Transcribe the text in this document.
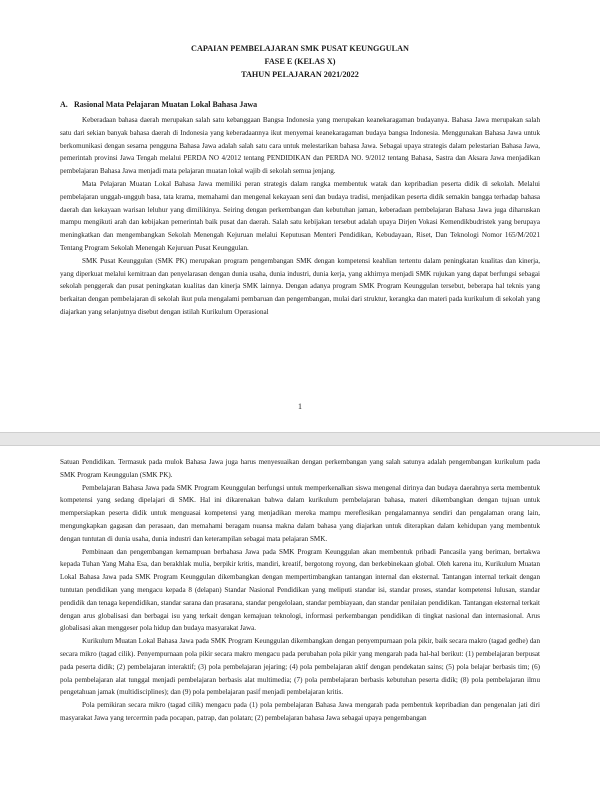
CAPAIAN PEMBELAJARAN SMK PUSAT KEUNGGULAN
FASE E (KELAS X)
TAHUN PELAJARAN 2021/2022
A. Rasional Mata Pelajaran Muatan Lokal Bahasa Jawa

Keberadaan bahasa daerah merupakan salah satu kebanggaan Bangsa Indonesia yang merupakan keanekaragaman budayanya. Bahasa Jawa merupakan salah satu dari sekian banyak bahasa daerah di Indonesia yang keberadaannya ikut menyemai keanekaragaman budaya bangsa Indonesia. Menggunakan Bahasa Jawa untuk berkomunikasi dengan sesama pengguna Bahasa Jawa adalah salah satu cara untuk melestarikan bahasa Jawa. Sebagai upaya strategis dalam pelestarian Bahasa Jawa, pemerintah provinsi Jawa Tengah melalui PERDA NO 4/2012 tentang PENDIDIKAN dan PERDA NO. 9/2012 tentang Bahasa, Sastra dan Aksara Jawa menjadikan pembelajaran Bahasa Jawa menjadi mata pelajaran muatan lokal wajib di sekolah semua jenjang.

Mata Pelajaran Muatan Lokal Bahasa Jawa memiliki peran strategis dalam rangka membentuk watak dan kepribadian peserta didik di sekolah. Melalui pembelajaran unggah-ungguh basa, tata krama, memahami dan mengenal kekayaan seni dan budaya tradisi, menjadikan peserta didik semakin bangga terhadap bahasa daerah dan kekayaan warisan leluhur yang dimilikinya. Seiring dengan perkembangan dan kebutuhan jaman, keberadaan pembelajaran Bahasa Jawa juga diharuskan mampu mengikuti arah dan kebijakan pemerintah baik pusat dan daerah. Salah satu kebijakan tersebut adalah upaya Dirjen Vokasi Kemendikbudristek yang berupaya meningkatkan dan mengembangkan Sekolah Menengah Kejuruan melalui Keputusan Menteri Pendidikan, Kebudayaan, Riset, Dan Teknologi Nomor 165/M/2021 Tentang Program Sekolah Menengah Kejuruan Pusat Keunggulan.

SMK Pusat Keunggulan (SMK PK) merupakan program pengembangan SMK dengan kompetensi keahlian tertentu dalam peningkatan kualitas dan kinerja, yang diperkuat melalui kemitraan dan penyelarasan dengan dunia usaha, dunia industri, dunia kerja, yang akhirnya menjadi SMK rujukan yang dapat berfungsi sebagai sekolah penggerak dan pusat peningkatan kualitas dan kinerja SMK lainnya. Dengan adanya program SMK Program Keunggulan tersebut, beberapa hal teknis yang berkaitan dengan pembelajaran di sekolah ikut pula mengalami pembaruan dan pengembangan, mulai dari struktur, kerangka dan materi pada kurikulum di sekolah yang diajarkan yang selanjutnya disebut dengan istilah Kurikulum Operasional

1

Satuan Pendidikan. Termasuk pada mulok Bahasa Jawa juga harus menyesuaikan dengan perkembangan yang salah satunya adalah pengembangan kurikulum pada SMK Program Keunggulan (SMK PK).

Pembelajaran Bahasa Jawa pada SMK Program Keunggulan berfungsi untuk memperkenalkan siswa mengenal dirinya dan budaya daerahnya serta membentuk kompetensi yang sedang dipelajari di SMK. Hal ini dikarenakan bahwa dalam kurikulum pembelajaran bahasa, materi dikembangkan dengan tujuan untuk mempersiapkan peserta didik untuk menguasai kompetensi yang menjadikan mereka mampu mereflesikan pengalamannya sendiri dan pengalaman orang lain, mengungkapkan gagasan dan perasaan, dan memahami beragam nuansa makna dalam bahasa yang diajarkan untuk diterapkan dalam kehidupan yang membentuk dengan tuntutan di dunia usaha, dunia industri dan keterampilan sebagai mata pelajaran SMK.

Pembinaan dan pengembangan kemampuan berbahasa Jawa pada SMK Program Keunggulan akan membentuk pribadi Pancasila yang beriman, bertakwa kepada Tuhan Yang Maha Esa, dan berakhlak mulia, berpikir kritis, mandiri, kreatif, bergotong royong, dan berkebinekaan global. Oleh karena itu, Kurikulum Muatan Lokal Bahasa Jawa pada SMK Program Keunggulan dikembangkan dengan mempertimbangkan tantangan internal dan eksternal. Tantangan internal terkait dengan tuntutan pendidikan yang mengacu kepada 8 (delapan) Standar Nasional Pendidikan yang meliputi standar isi, standar proses, standar kompetensi lulusan, standar pendidik dan tenaga kependidikan, standar sarana dan prasarana, standar pengelolaan, standar pembiayaan, dan standar penilaian pendidikan. Tantangan eksternal terkait dengan arus globalisasi dan berbagai isu yang terkait dengan kemajuan teknologi, informasi perkembangan pendidikan di tingkat nasional dan internasional. Arus globalisasi akan menggeser pola hidup dan budaya masyarakat Jawa.

Kurikulum Muatan Lokal Bahasa Jawa pada SMK Program Keunggulan dikembangkan dengan penyempurnaan pola pikir, baik secara makro (tagad gedhe) dan secara mikro (tagad cilik). Penyempurnaan pola pikir secara makro mengacu pada perubahan pola pikir yang mengarah pada hal-hal berikut: (1) pembelajaran berpusat pada peserta didik; (2) pembelajaran interaktif; (3) pola pembelajaran jejaring; (4) pola pembelajaran aktif dengan pendekatan sains; (5) pola belajar berbasis tim; (6) pola pembelajaran alat tunggal menjadi pembelajaran berbasis alat multimedia; (7) pola pembelajaran berbasis kebutuhan peserta didik; (8) pola pembelajaran ilmu pengetahuan jamak (multidisciplines); dan (9) pola pembelajaran pasif menjadi pembelajaran kritis.

Pola pemikiran secara mikro (tagad cilik) mengacu pada (1) pola pembelajaran Bahasa Jawa mengarah pada pembentuk kepribadian dan pengenalan jati diri masyarakat Jawa yang tercermin pada pocapan, patrap, dan polatan; (2) pembelajaran bahasa Jawa sebagai upaya pengembangan
